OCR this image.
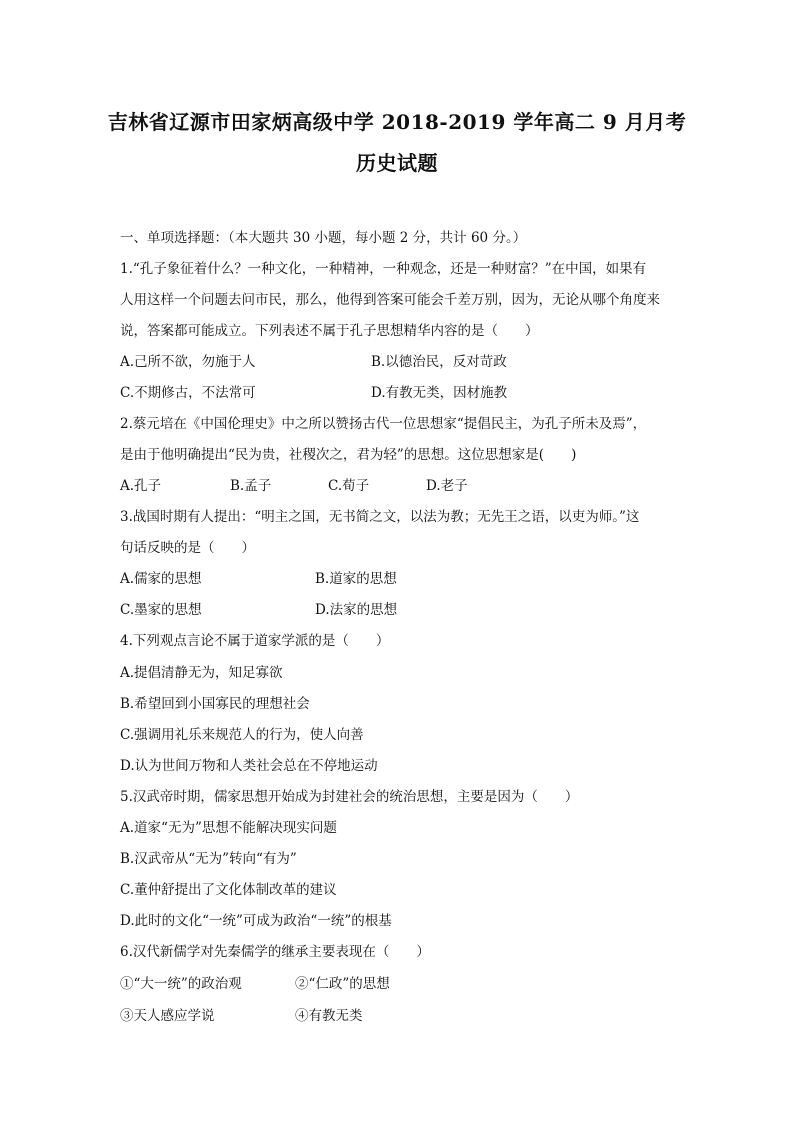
吉林省辽源市田家炳高级中学 2018-2019 学年高二 9 月月考
历史试题
一、单项选择题：（本大题共 30 小题，每小题 2 分，共计 60 分。）
1.“孔子象征着什么？一种文化，一种精神，一种观念，还是一种财富？”在中国，如果有
人用这样一个问题去问市民，那么，他得到答案可能会千差万别，因为，无论从哪个角度来
说，答案都可能成立。下列表述不属于孔子思想精华内容的是（　　）
A.己所不欲，勿施于人	B.以德治民，反对苛政
C.不期修古，不法常可	D.有教无类，因材施教
2.蔡元培在《中国伦理史》中之所以赞扬古代一位思想家“提倡民主，为孔子所未及焉”，
是由于他明确提出“民为贵，社稷次之，君为轻”的思想。这位思想家是(　　)
A.孔子	B.孟子	C.荀子	D.老子
3.战国时期有人提出：“明主之国，无书简之文，以法为教；无先王之语，以吏为师。”这
句话反映的是（　　）
A.儒家的思想	B.道家的思想
C.墨家的思想	D.法家的思想
4.下列观点言论不属于道家学派的是（　　）
A.提倡清静无为，知足寡欲
B.希望回到小国寡民的理想社会
C.强调用礼乐来规范人的行为，使人向善
D.认为世间万物和人类社会总在不停地运动
5.汉武帝时期，儒家思想开始成为封建社会的统治思想，主要是因为（　　）
A.道家“无为”思想不能解决现实问题
B.汉武帝从“无为”转向“有为”
C.董仲舒提出了文化体制改革的建议
D.此时的文化“一统”可成为政治“一统”的根基
6.汉代新儒学对先秦儒学的继承主要表现在（　　）
①“大一统”的政治观	②“仁政”的思想
③天人感应学说	④有教无类
